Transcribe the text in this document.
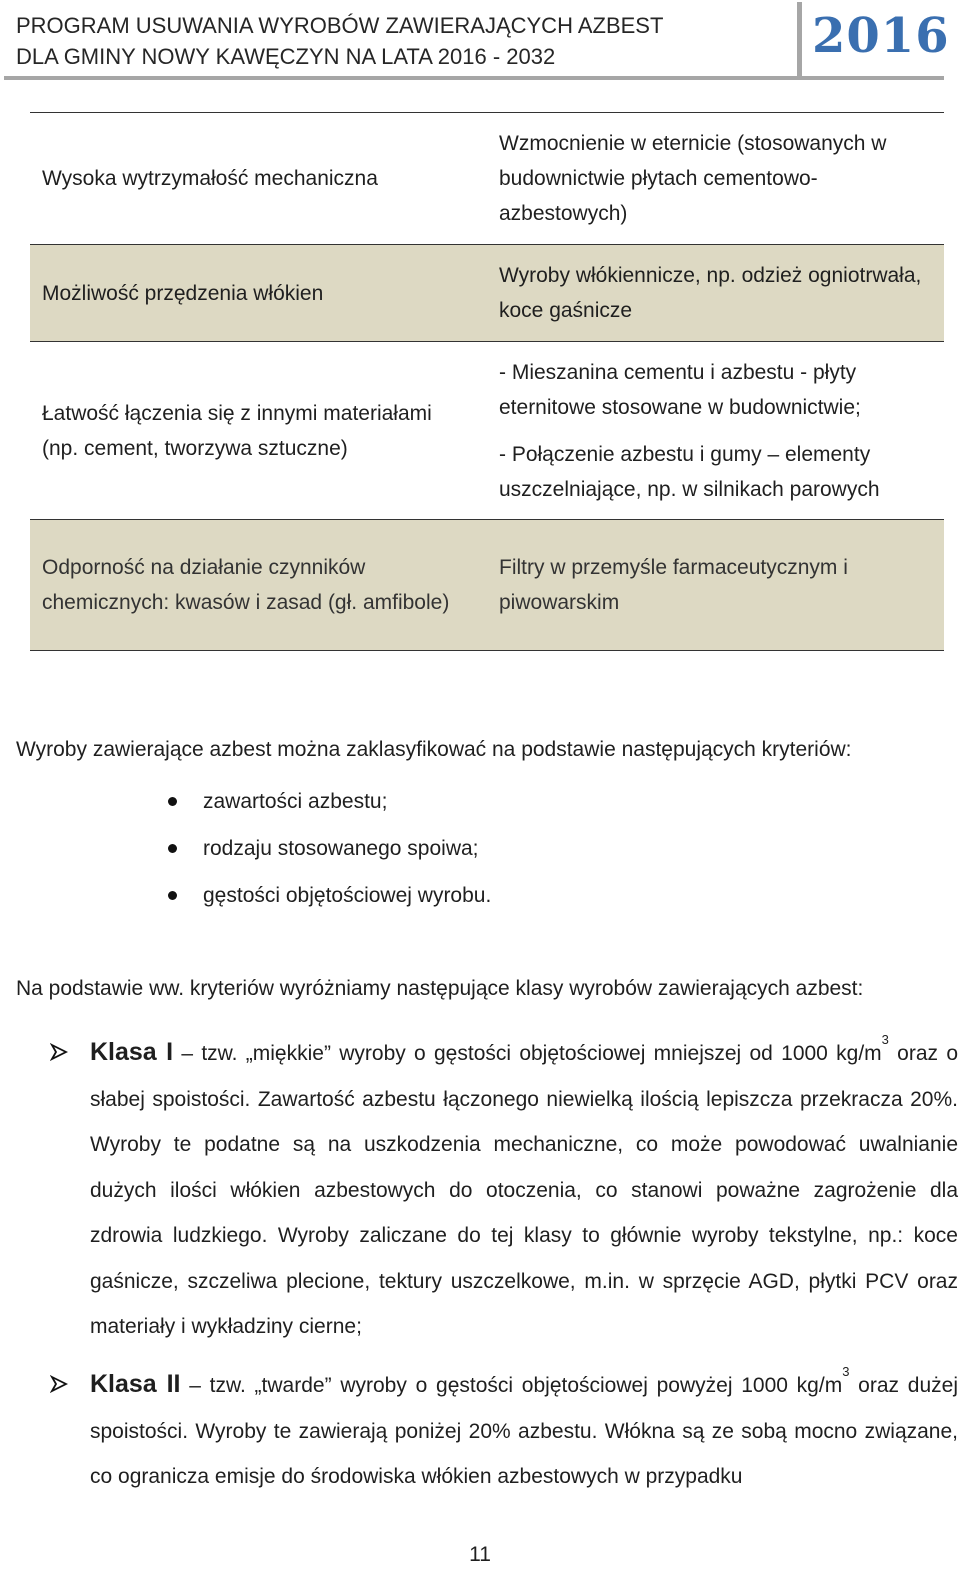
PROGRAM USUWANIA WYROBÓW ZAWIERAJĄCYCH AZBEST
DLA GMINY NOWY KAWĘCZYN NA LATA 2016 - 2032	2016
Wysoka wytrzymałość mechaniczna

Wzmocnienie w eternicie (stosowanych w budownictwie płytach cementowo-azbestowych)

Możliwość przędzenia włókien

Wyroby włókiennicze, np. odzież ogniotrwała, koce gaśnicze

Łatwość łączenia się z innymi materiałami (np. cement, tworzywa sztuczne)

- Mieszanina cementu i azbestu - płyty eternitowe stosowane w budownictwie;

- Połączenie azbestu i gumy – elementy uszczelniające, np. w silnikach parowych

Odporność na działanie czynników chemicznych: kwasów i zasad (gł. amfibole)

Filtry w przemyśle farmaceutycznym i piwowarskim

Wyroby zawierające azbest można zaklasyfikować na podstawie następujących kryteriów:
zawartości azbestu;
rodzaju stosowanego spoiwa;
gęstości objętościowej wyrobu.
Na podstawie ww. kryteriów wyróżniamy następujące klasy wyrobów zawierających azbest:

Klasa I – tzw. „miękkie” wyroby o gęstości objętościowej mniejszej od 1000 $kg/m^3$ oraz o słabej spoistości. Zawartość azbestu łączonego niewielką ilością lepiszcza przekracza 20%. Wyroby te podatne są na uszkodzenia mechaniczne, co może powodować uwalnianie dużych ilości włókien azbestowych do otoczenia, co stanowi poważne zagrożenie dla zdrowia ludzkiego. Wyroby zaliczane do tej klasy to głównie wyroby tekstylne, np.: koce gaśnicze, szczeliwa plecione, tektury uszczelkowe, m.in. w sprzęcie AGD, płytki PCV oraz materiały i wykładziny cierne;

Klasa II – tzw. „twarde” wyroby o gęstości objętościowej powyżej 1000 $kg/m^3$ oraz dużej spoistości. Wyroby te zawierają poniżej 20% azbestu. Włókna są ze sobą mocno związane, co ogranicza emisje do środowiska włókien azbestowych w przypadku

11
